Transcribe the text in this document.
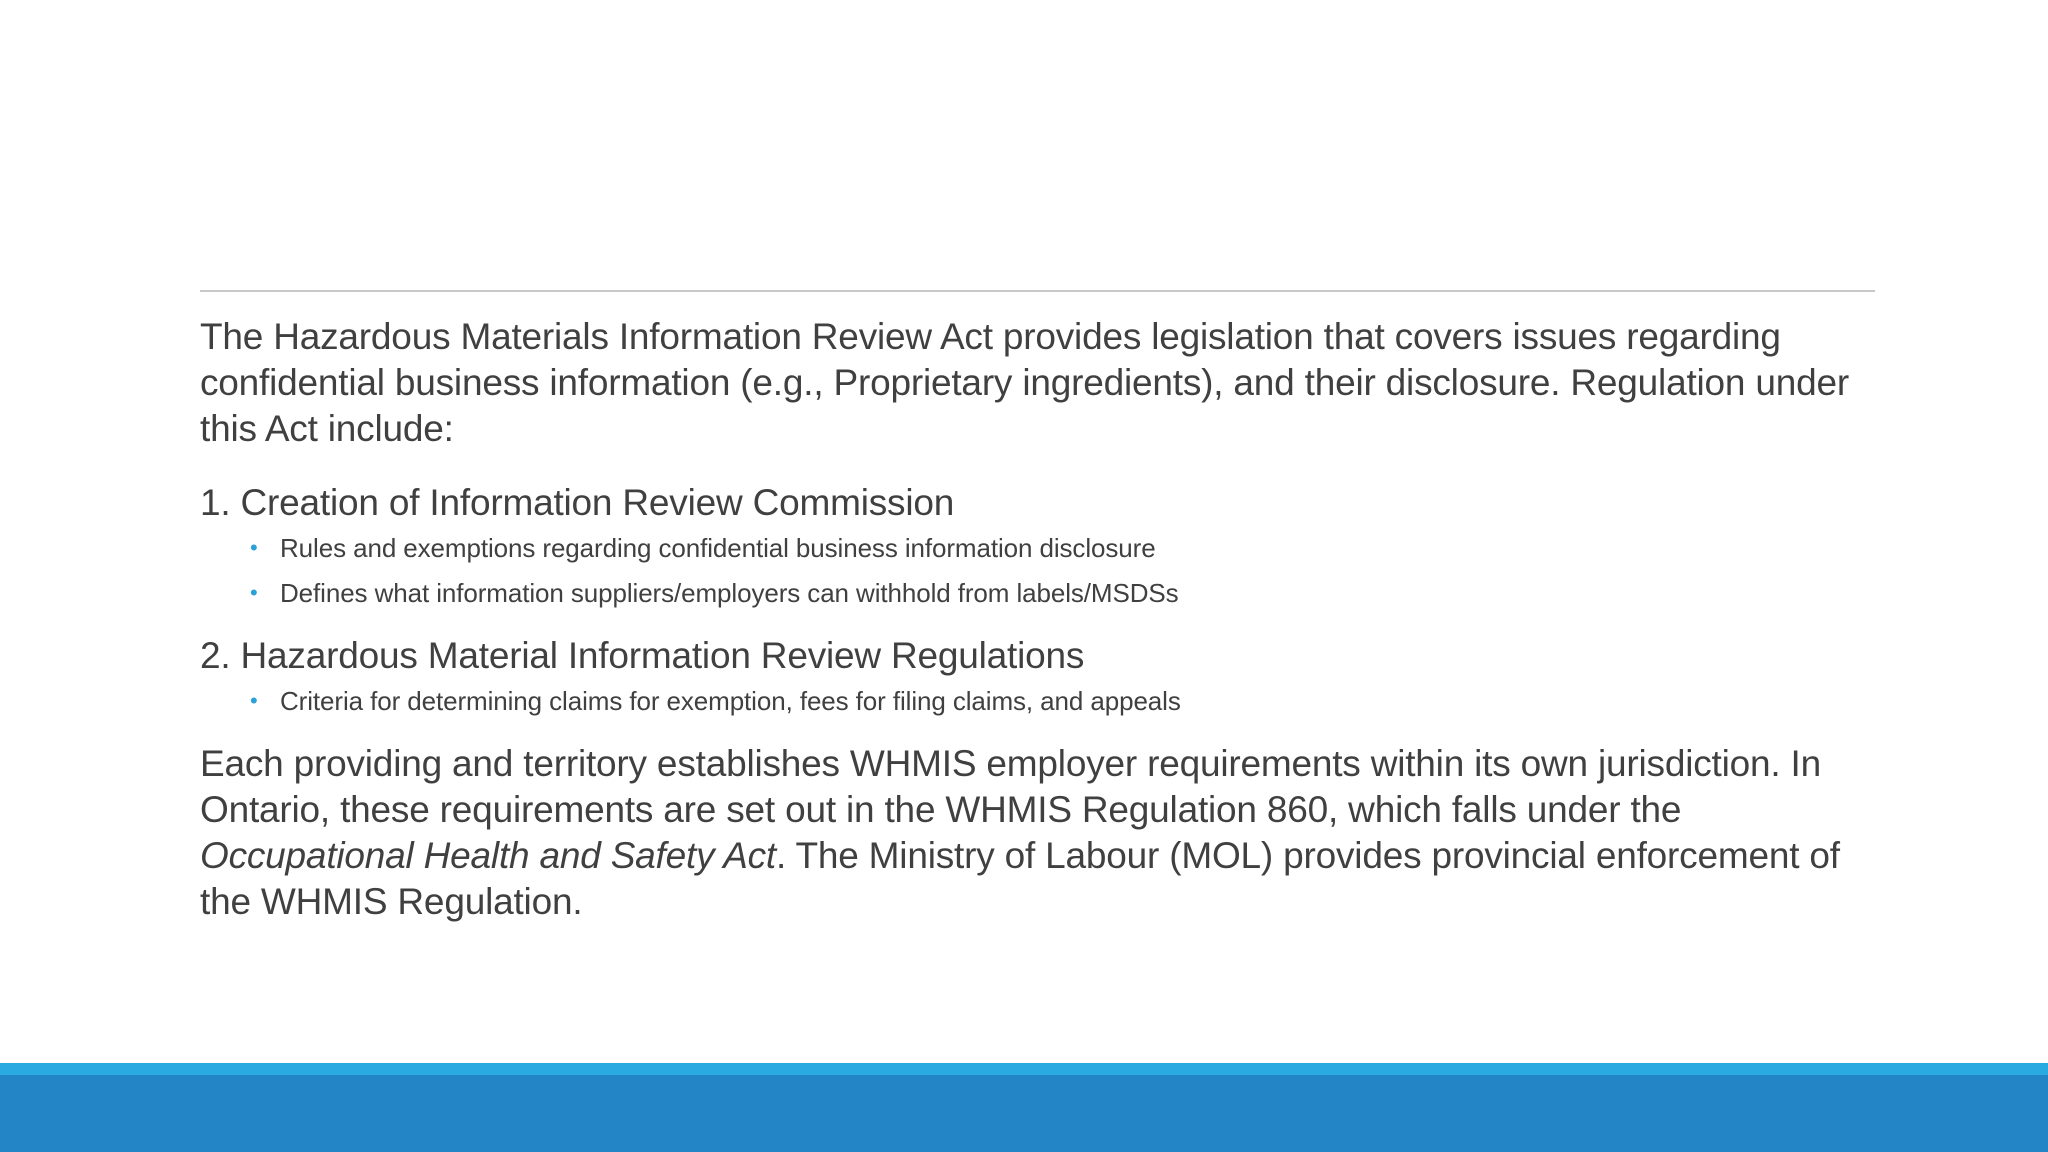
The Hazardous Materials Information Review Act provides legislation that covers issues regarding confidential business information (e.g., Proprietary ingredients), and their disclosure. Regulation under this Act include:

1. Creation of Information Review Commission

• Rules and exemptions regarding confidential business information disclosure
• Defines what information suppliers/employers can withhold from labels/MSDSs

2. Hazardous Material Information Review Regulations

• Criteria for determining claims for exemption, fees for filing claims, and appeals

Each providing and territory establishes WHMIS employer requirements within its own jurisdiction. In Ontario, these requirements are set out in the WHMIS Regulation 860, which falls under the Occupational Health and Safety Act. The Ministry of Labour (MOL) provides provincial enforcement of the WHMIS Regulation.
